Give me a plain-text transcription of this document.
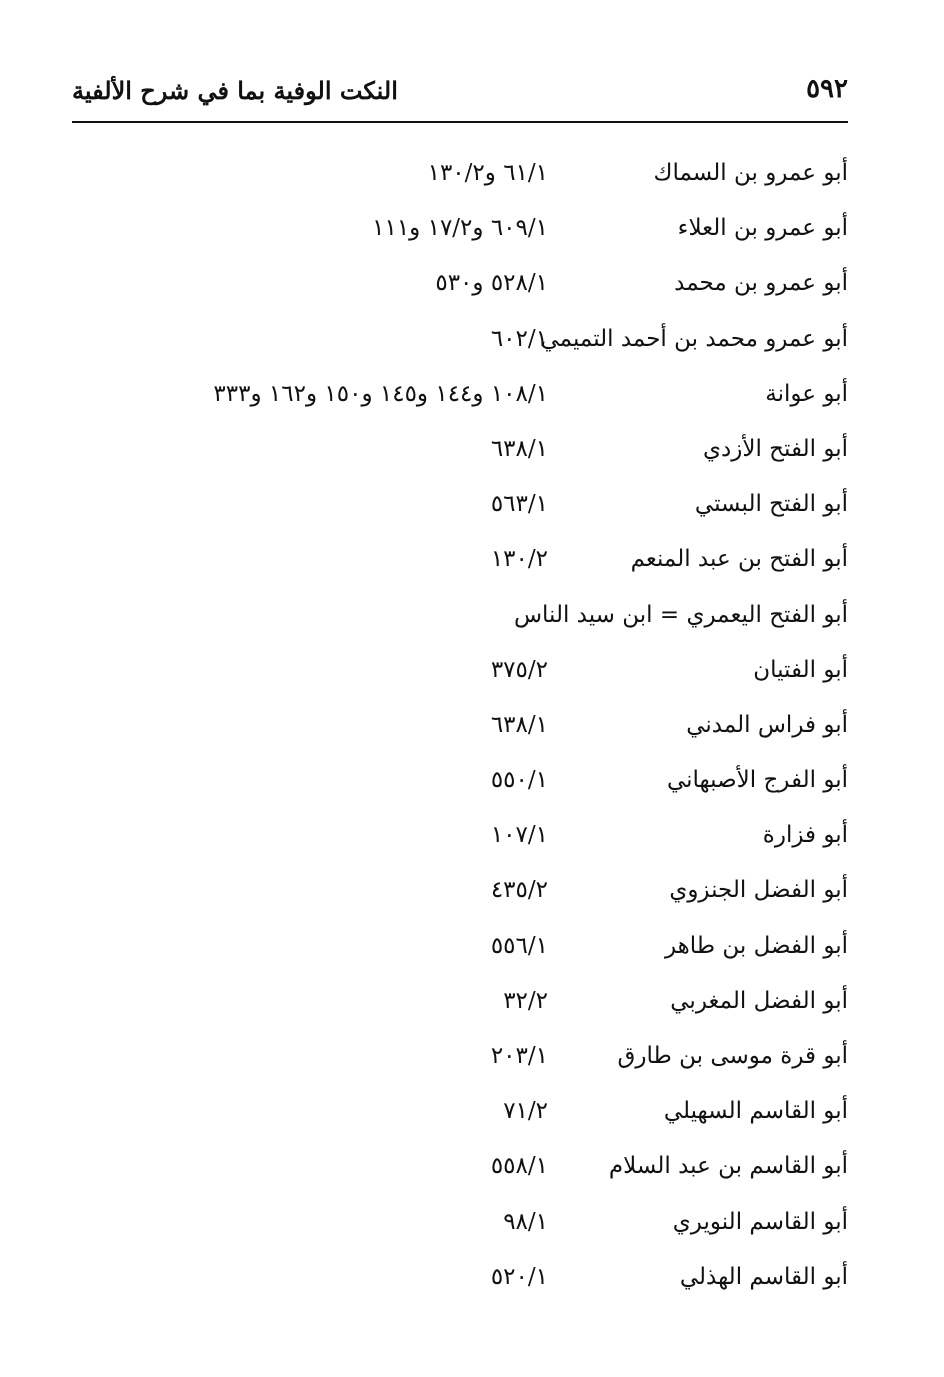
٥٩٢
النكت الوفية بما في شرح الألفية
أبو عمرو بن السماك
٦١/١ و١٣٠/٢
أبو عمرو بن العلاء
٦٠٩/١ و١٧/٢ و١١١
أبو عمرو بن محمد
٥٢٨/١ و٥٣٠
أبو عمرو محمد بن أحمد التميمي
٦٠٢/١
أبو عوانة
١٠٨/١ و١٤٤ و١٤٥ و١٥٠ و١٦٢ و٣٣٣
أبو الفتح الأزدي
٦٣٨/١
أبو الفتح البستي
٥٦٣/١
أبو الفتح بن عبد المنعم
١٣٠/٢
أبو الفتح اليعمري = ابن سيد الناس
أبو الفتيان
٣٧٥/٢
أبو فراس المدني
٦٣٨/١
أبو الفرج الأصبهاني
٥٥٠/١
أبو فزارة
١٠٧/١
أبو الفضل الجنزوي
٤٣٥/٢
أبو الفضل بن طاهر
٥٥٦/١
أبو الفضل المغربي
٣٢/٢
أبو قرة موسى بن طارق
٢٠٣/١
أبو القاسم السهيلي
٧١/٢
أبو القاسم بن عبد السلام
٥٥٨/١
أبو القاسم النويري
٩٨/١
أبو القاسم الهذلي
٥٢٠/١
